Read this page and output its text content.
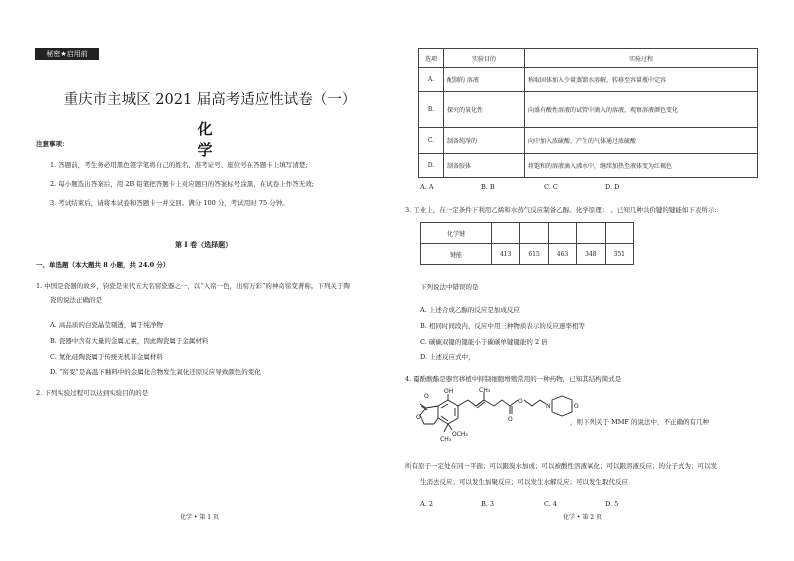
秘密★启用前
重庆市主城区 2021 届高考适应性试卷（一）
化 学
注意事项：
1. 答题前，考生务必用黑色签字笔将自己的姓名、准考证号、座位号在答题卡上填写清楚;
2. 每小题选出答案后，用 2B 铅笔把答题卡上对应题目的答案标号涂黑，在试卷上作答无效;
3. 考试结束后，请将本试卷和答题卡一并交回。满分 100 分，考试用时 75 分钟。
第 I 卷（选择题）
一、单选题（本大题共 8 小题，共 24.0 分）
1. 中国是瓷器的故乡，钧瓷是宋代五大名窑瓷器之一，以“入窑一色，出窑万彩”的神奇窑变著称。下列关于陶
瓷的说法正确的是
A. 高品质的白瓷晶莹剔透，属于纯净物
B. 瓷器中含有大量的金属元素，因此陶瓷属于金属材料
C. 氮化硅陶瓷属于传统无机非金属材料
D. “窑变”是高温下釉料中的金属化合物发生氧化还原反应导致颜色的变化
2. 下列实验过程可以达到实验目的的是
化学 • 第 1 页
选项	实验目的	实验过程
A.	配制的 溶液	称取固体加入少量蒸馏水溶解，转移至容量瓶中定容
B.	探究的氧化性	向盛有酸性溶液的试管中滴入的溶液，观察溶液颜色变化
C.	制备纯净的	向中加入浓硫酸，产生的气体通过浓硫酸
D.	制备胶体	将饱和的溶液滴入沸水中，继续加热至液体变为红褐色
A. A	B. B	C. C	D. D
3. 工业上，在一定条件下利用乙烯和水蒸气反应制备乙醇。化学原理： 。已知几种共价键的键能如下表所示:
化学键					
键能	413	615	463	348	351
下列说法中错误的是
A. 上述合成乙醇的反应是加成反应
B. 相同时间段内，反应中用三种物质表示的反应速率相等
C. 碳碳双键的键能小于碳碳单键键能的 2 倍
D. 上述反应式中，
4. 霉酚酸酯是器官移植中抑制细胞增殖常用的一种药物，已知其结构简式是
O
O
OH
OCH₃
CH₃
CH₃
O
O
N	O
，则下列关于 MMF 的说法中，不正确的有几种
所有原子一定处在同一平面；可以跟溴水加成；可以被酸性溶液氧化；可以跟溶液反应；的分子式为；可以发
生消去反应；可以发生加聚反应；可以发生水解反应；可以发生取代反应
A. 2	B. 3	C. 4	D. 5
化学 • 第 2 页
